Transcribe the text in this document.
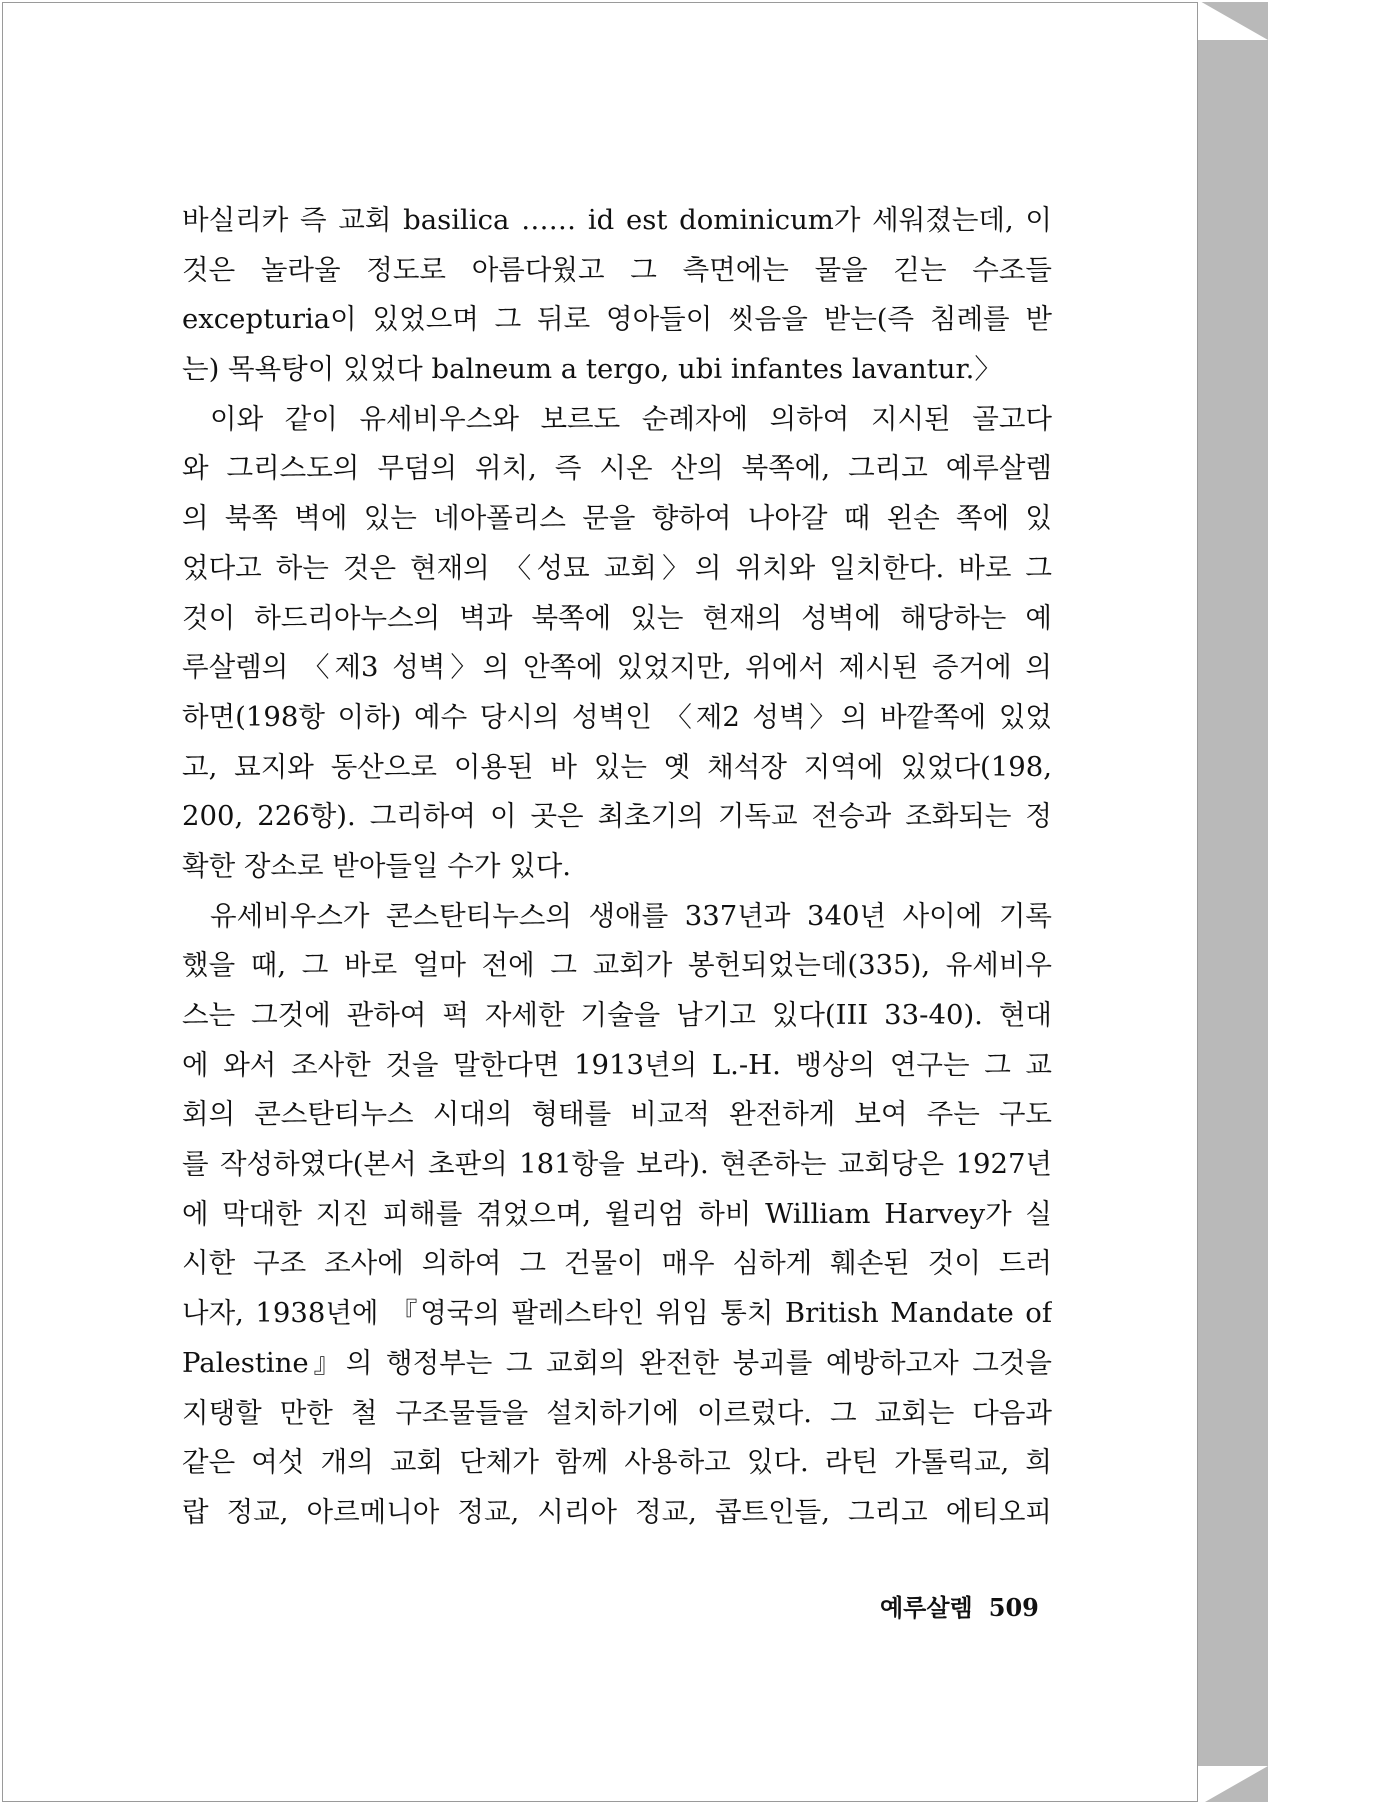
바실리카 즉 교회 basilica …… id est dominicum가 세워졌는데, 이
것은 놀라울 정도로 아름다웠고 그 측면에는 물을 긷는 수조들
excepturia이 있었으며 그 뒤로 영아들이 씻음을 받는(즉 침례를 받
는) 목욕탕이 있었다 balneum a tergo, ubi infantes lavantur.〉
이와 같이 유세비우스와 보르도 순례자에 의하여 지시된 골고다
와 그리스도의 무덤의 위치, 즉 시온 산의 북쪽에, 그리고 예루살렘
의 북쪽 벽에 있는 네아폴리스 문을 향하여 나아갈 때 왼손 쪽에 있
었다고 하는 것은 현재의 〈성묘 교회〉의 위치와 일치한다. 바로 그
것이 하드리아누스의 벽과 북쪽에 있는 현재의 성벽에 해당하는 예
루살렘의 〈제3 성벽〉의 안쪽에 있었지만, 위에서 제시된 증거에 의
하면(198항 이하) 예수 당시의 성벽인 〈제2 성벽〉의 바깥쪽에 있었
고, 묘지와 동산으로 이용된 바 있는 옛 채석장 지역에 있었다(198,
200, 226항). 그리하여 이 곳은 최초기의 기독교 전승과 조화되는 정
확한 장소로 받아들일 수가 있다.
유세비우스가 콘스탄티누스의 생애를 337년과 340년 사이에 기록
했을 때, 그 바로 얼마 전에 그 교회가 봉헌되었는데(335), 유세비우
스는 그것에 관하여 퍽 자세한 기술을 남기고 있다(III 33-40). 현대
에 와서 조사한 것을 말한다면 1913년의 L.-H. 뱅상의 연구는 그 교
회의 콘스탄티누스 시대의 형태를 비교적 완전하게 보여 주는 구도
를 작성하였다(본서 초판의 181항을 보라). 현존하는 교회당은 1927년
에 막대한 지진 피해를 겪었으며, 윌리엄 하비 William Harvey가 실
시한 구조 조사에 의하여 그 건물이 매우 심하게 훼손된 것이 드러
나자, 1938년에 『영국의 팔레스타인 위임 통치 British Mandate of
Palestine』의 행정부는 그 교회의 완전한 붕괴를 예방하고자 그것을
지탱할 만한 철 구조물들을 설치하기에 이르렀다. 그 교회는 다음과
같은 여섯 개의 교회 단체가 함께 사용하고 있다. 라틴 가톨릭교, 희
랍 정교, 아르메니아 정교, 시리아 정교, 콥트인들, 그리고 에티오피
예루살렘 509
